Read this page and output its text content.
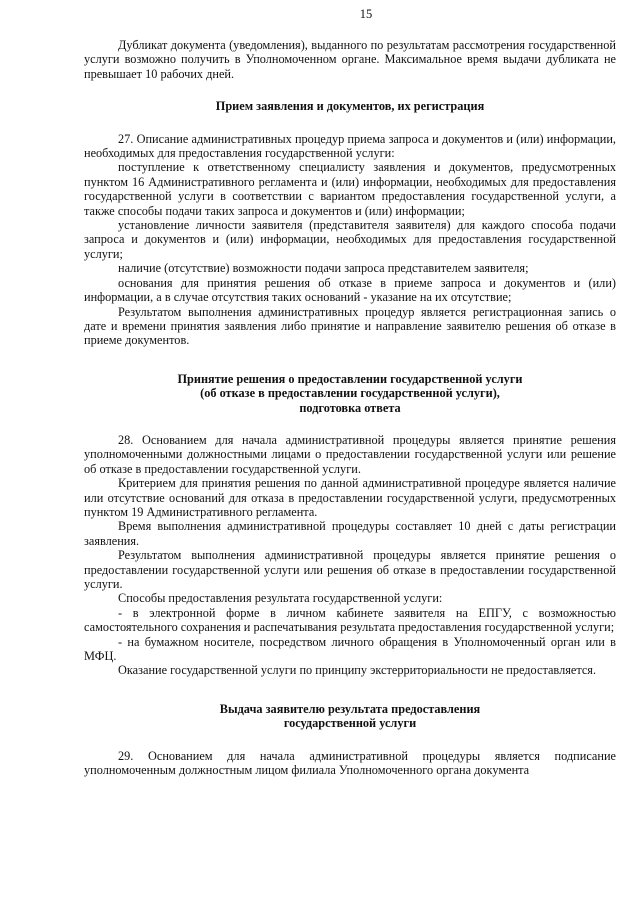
15

Дубликат документа (уведомления), выданного по результатам рассмотрения государственной услуги возможно получить в Уполномоченном органе. Максимальное время выдачи дубликата не превышает 10 рабочих дней.

Прием заявления и документов, их регистрация

27. Описание административных процедур приема запроса и документов и (или) информации, необходимых для предоставления государственной услуги:

поступление к ответственному специалисту заявления и документов, предусмотренных пунктом 16 Административного регламента и (или) информации, необходимых для предоставления государственной услуги в соответствии с вариантом предоставления государственной услуги, а также способы подачи таких запроса и документов и (или) информации;

установление личности заявителя (представителя заявителя) для каждого способа подачи запроса и документов и (или) информации, необходимых для предоставления государственной услуги;

наличие (отсутствие) возможности подачи запроса представителем заявителя;

основания для принятия решения об отказе в приеме запроса и документов и (или) информации, а в случае отсутствия таких оснований - указание на их отсутствие;

Результатом выполнения административных процедур является регистрационная запись о дате и времени принятия заявления либо принятие и направление заявителю решения об отказе в приеме документов.

Принятие решения о предоставлении государственной услуги
(об отказе в предоставлении государственной услуги),
подготовка ответа

28. Основанием для начала административной процедуры является принятие решения уполномоченными должностными лицами о предоставлении государственной услуги или решение об отказе в предоставлении государственной услуги.

Критерием для принятия решения по данной административной процедуре является наличие или отсутствие оснований для отказа в предоставлении государственной услуги, предусмотренных пунктом 19 Административного регламента.

Время выполнения административной процедуры составляет 10 дней с даты регистрации заявления.

Результатом выполнения административной процедуры является принятие решения о предоставлении государственной услуги или решения об отказе в предоставлении государственной услуги.

Способы предоставления результата государственной услуги:

- в электронной форме в личном кабинете заявителя на ЕПГУ, с возможностью самостоятельного сохранения и распечатывания результата предоставления государственной услуги;

- на бумажном носителе, посредством личного обращения в Уполномоченный орган или в МФЦ.

Оказание государственной услуги по принципу экстерриториальности не предоставляется.

Выдача заявителю результата предоставления
государственной услуги

29. Основанием для начала административной процедуры является подписание уполномоченным должностным лицом филиала Уполномоченного органа документа
